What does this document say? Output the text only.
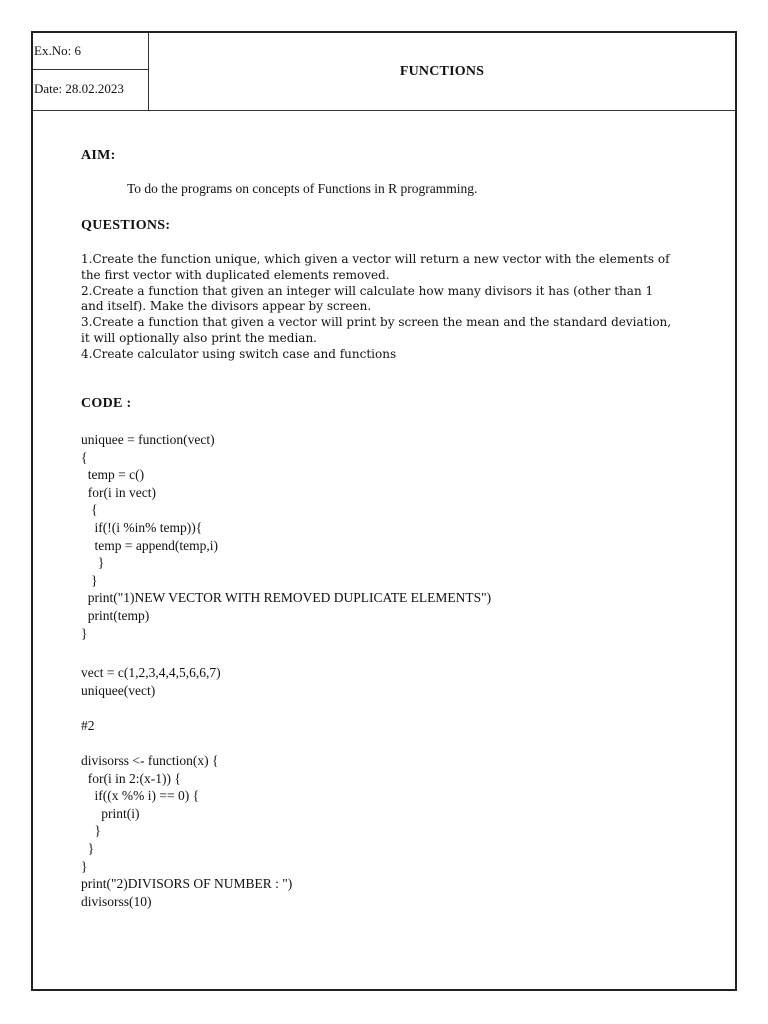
Ex.No: 6
Date: 28.02.2023
FUNCTIONS
AIM:
To do the programs on concepts of Functions in R programming.
QUESTIONS:
1.Create the function unique, which given a vector will return a new vector with the elements of
the first vector with duplicated elements removed.
2.Create a function that given an integer will calculate how many divisors it has (other than 1
and itself). Make the divisors appear by screen.
3.Create a function that given a vector will print by screen the mean and the standard deviation,
it will optionally also print the median.
4.Create calculator using switch case and functions
CODE :
uniquee = function(vect)
{
temp = c()
for(i in vect)
{
if(!(i %in% temp)){
temp = append(temp,i)
}
}
print("1)NEW VECTOR WITH REMOVED DUPLICATE ELEMENTS")
print(temp)
}
vect = c(1,2,3,4,4,5,6,6,7)
uniquee(vect)
#2
divisorss <- function(x) {
for(i in 2:(x-1)) {
if((x %% i) == 0) {
print(i)
}
}
}
print("2)DIVISORS OF NUMBER : ")
divisorss(10)
